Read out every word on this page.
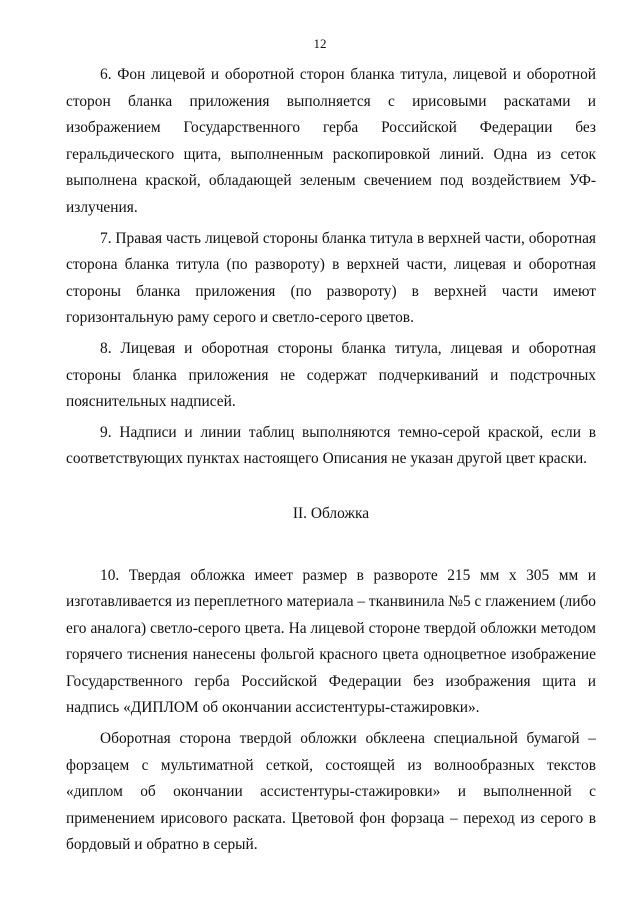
12

6. Фон лицевой и оборотной сторон бланка титула, лицевой и оборотной сторон бланка приложения выполняется с ирисовыми раскатами и изображением Государственного герба Российской Федерации без геральдического щита, выполненным раскопировкой линий. Одна из сеток выполнена краской, обладающей зеленым свечением под воздействием УФ-излучения.

7. Правая часть лицевой стороны бланка титула в верхней части, оборотная сторона бланка титула (по развороту) в верхней части, лицевая и оборотная стороны бланка приложения (по развороту) в верхней части имеют горизонтальную раму серого и светло-серого цветов.

8. Лицевая и оборотная стороны бланка титула, лицевая и оборотная стороны бланка приложения не содержат подчеркиваний и подстрочных пояснительных надписей.

9. Надписи и линии таблиц выполняются темно-серой краской, если в соответствующих пунктах настоящего Описания не указан другой цвет краски.

II. Обложка

10. Твердая обложка имеет размер в развороте 215 мм x 305 мм и изготавливается из переплетного материала – тканвинила №5 с глажением (либо его аналога) светло-серого цвета. На лицевой стороне твердой обложки методом горячего тиснения нанесены фольгой красного цвета одноцветное изображение Государственного герба Российской Федерации без изображения щита и надпись «ДИПЛОМ об окончании ассистентуры-стажировки».

Оборотная сторона твердой обложки обклеена специальной бумагой – форзацем с мультиматной сеткой, состоящей из волнообразных текстов «диплом об окончании ассистентуры-стажировки» и выполненной с применением ирисового раската. Цветовой фон форзаца – переход из серого в бордовый и обратно в серый.
